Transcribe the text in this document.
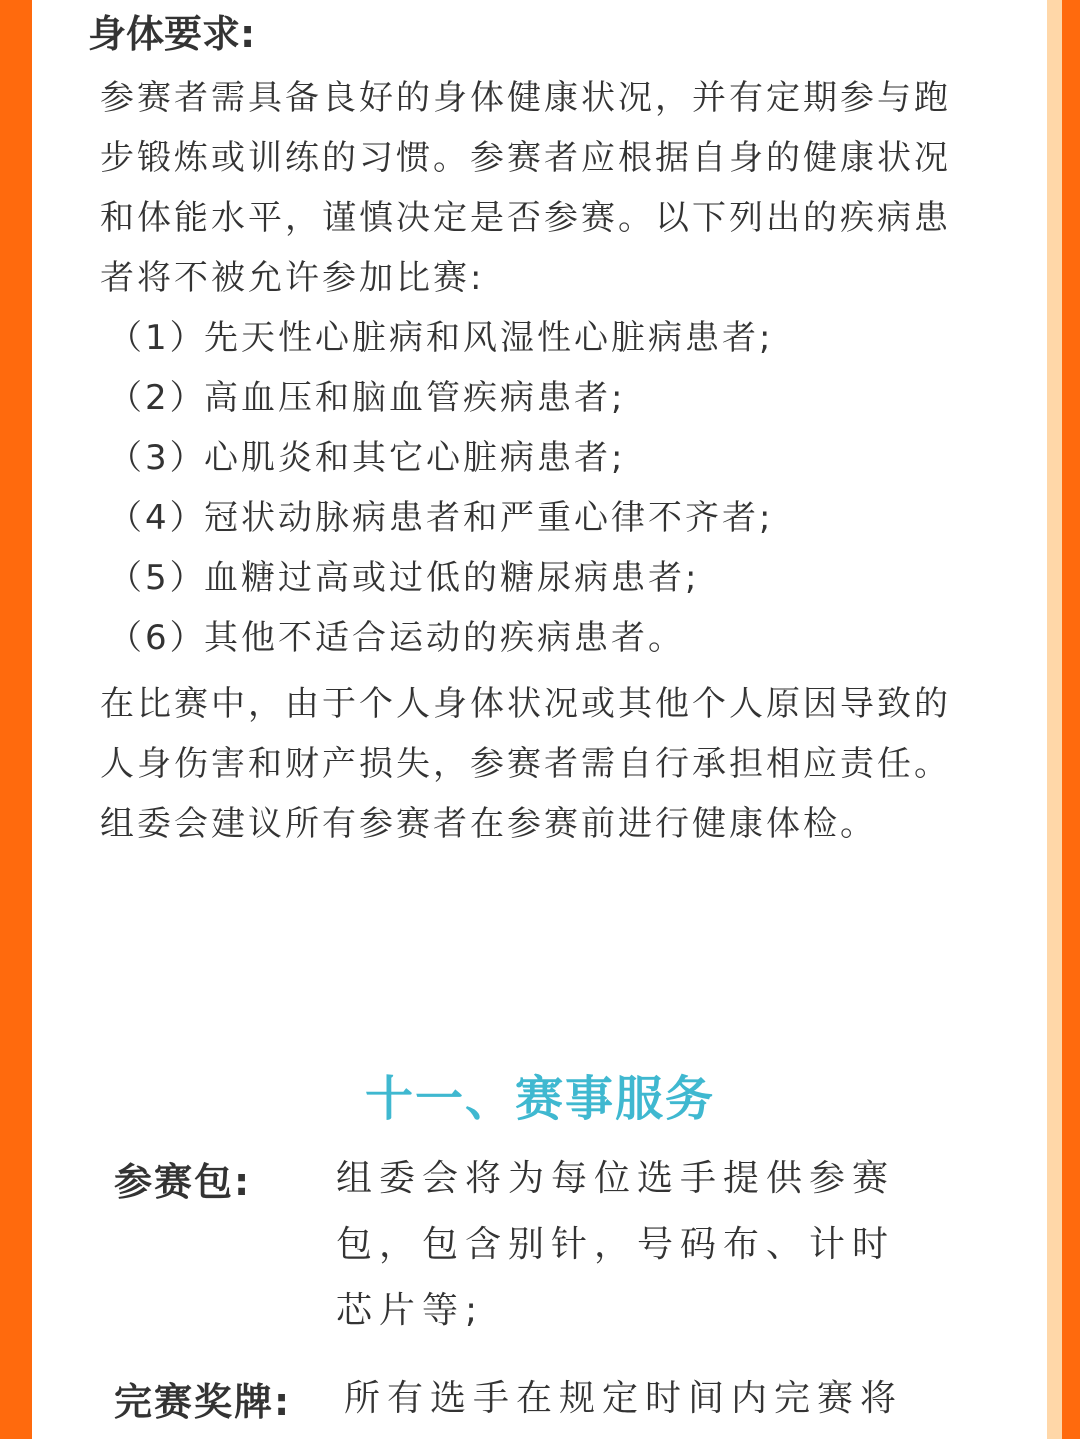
身体要求:

参赛者需具备良好的身体健康状况，并有定期参与跑步锻炼或训练的习惯。参赛者应根据自身的健康状况和体能水平，谨慎决定是否参赛。以下列出的疾病患者将不被允许参加比赛:

（1）先天性心脏病和风湿性心脏病患者;
（2）高血压和脑血管疾病患者;
（3）心肌炎和其它心脏病患者;
（4）冠状动脉病患者和严重心律不齐者;
（5）血糖过高或过低的糖尿病患者;
（6）其他不适合运动的疾病患者。

在比赛中，由于个人身体状况或其他个人原因导致的人身伤害和财产损失，参赛者需自行承担相应责任。组委会建议所有参赛者在参赛前进行健康体检。

十一、赛事服务
参赛包: 组委会将为每位选手提供参赛包，包含别针，号码布、计时芯片等;
完赛奖牌: 所有选手在规定时间内完赛将
